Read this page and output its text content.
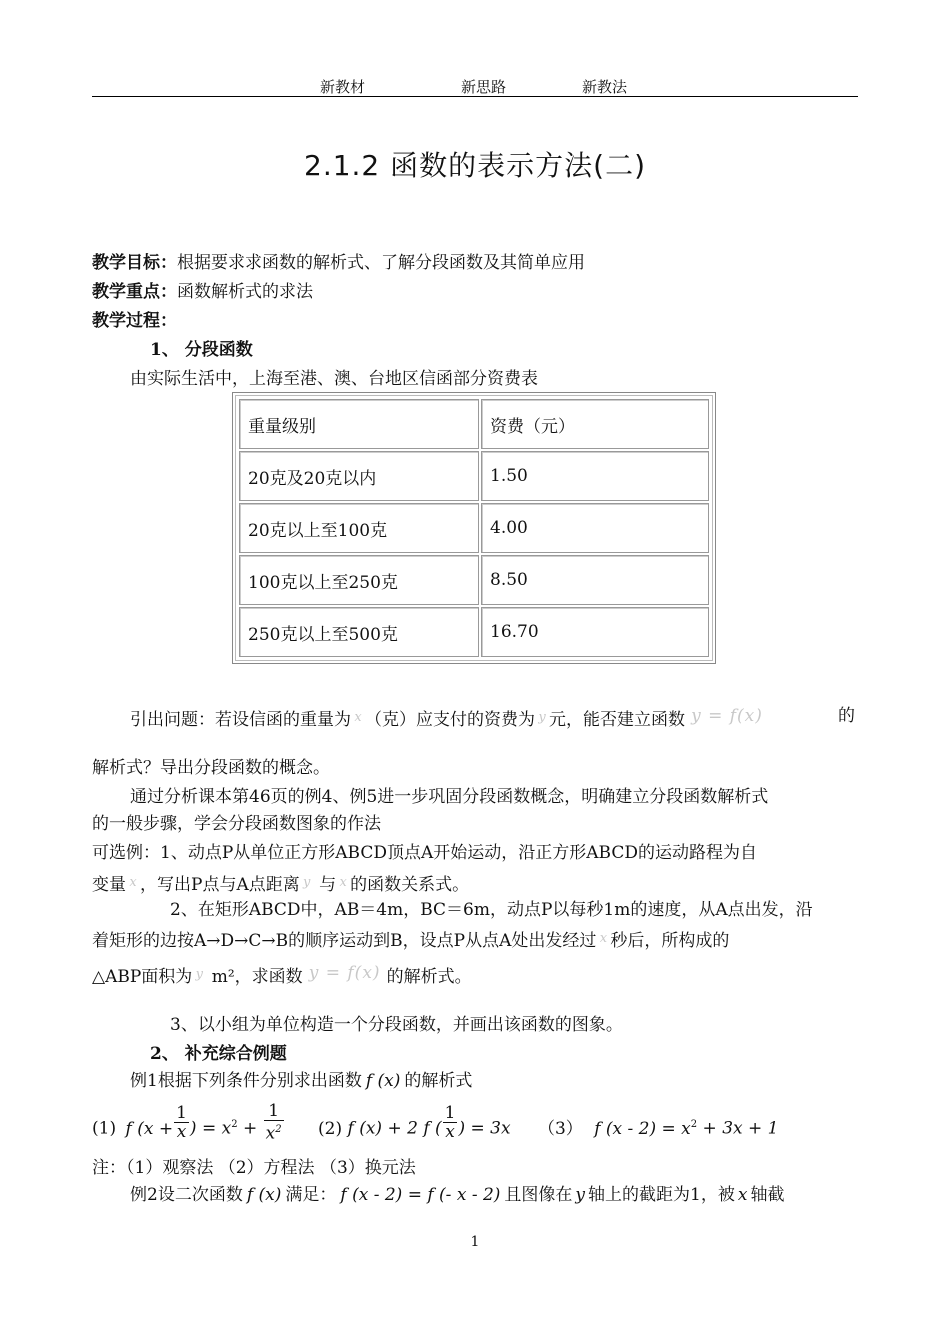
新教材	新思路	新教法
2.1.2 函数的表示方法(二)
教学目标：根据要求求函数的解析式、了解分段函数及其简单应用
教学重点：函数解析式的求法
教学过程：
1、 分段函数
由实际生活中，上海至港、澳、台地区信函部分资费表
重量级别	资费（元）
20克及20克以内	1.50
20克以上至100克	4.00
100克以上至250克	8.50
250克以上至500克	16.70
引出问题：若设信函的重量为 x （克）应支付的资费为 y 元，能否建立函数 y = f(x)	的
解析式？导出分段函数的概念。
通过分析课本第46页的例4、例5进一步巩固分段函数概念，明确建立分段函数解析式
的一般步骤，学会分段函数图象的作法
可选例：1、动点P从单位正方形ABCD顶点A开始运动，沿正方形ABCD的运动路程为自
变量 x ，写出P点与A点距离 y 与 x 的函数关系式。
2、在矩形ABCD中，AB＝4m，BC＝6m，动点P以每秒1m的速度，从A点出发，沿
着矩形的边按A→D→C→B的顺序运动到B，设点P从点A处出发经过 x 秒后，所构成的
△ABP面积为 y m²，求函数 y = f(x) 的解析式。
3、以小组为单位构造一个分段函数，并画出该函数的图象。
2、 补充综合例题
例1根据下列条件分别求出函数 f (x) 的解析式
(1) f ($x + \frac{1}{x}$ ) = $x^2 + \frac{1}{x^2} (2)$ f (x) + 2 f ( $\frac{1}{x}$ ) = 3x （3） f $(x - 2) = x^2 + 3x + 1$
注：（1）观察法 （2）方程法 （3）换元法
例2设二次函数 f (x) 满足： f (x - 2) = f (- x - 2) 且图像在 y 轴上的截距为1，被 x 轴截
1
